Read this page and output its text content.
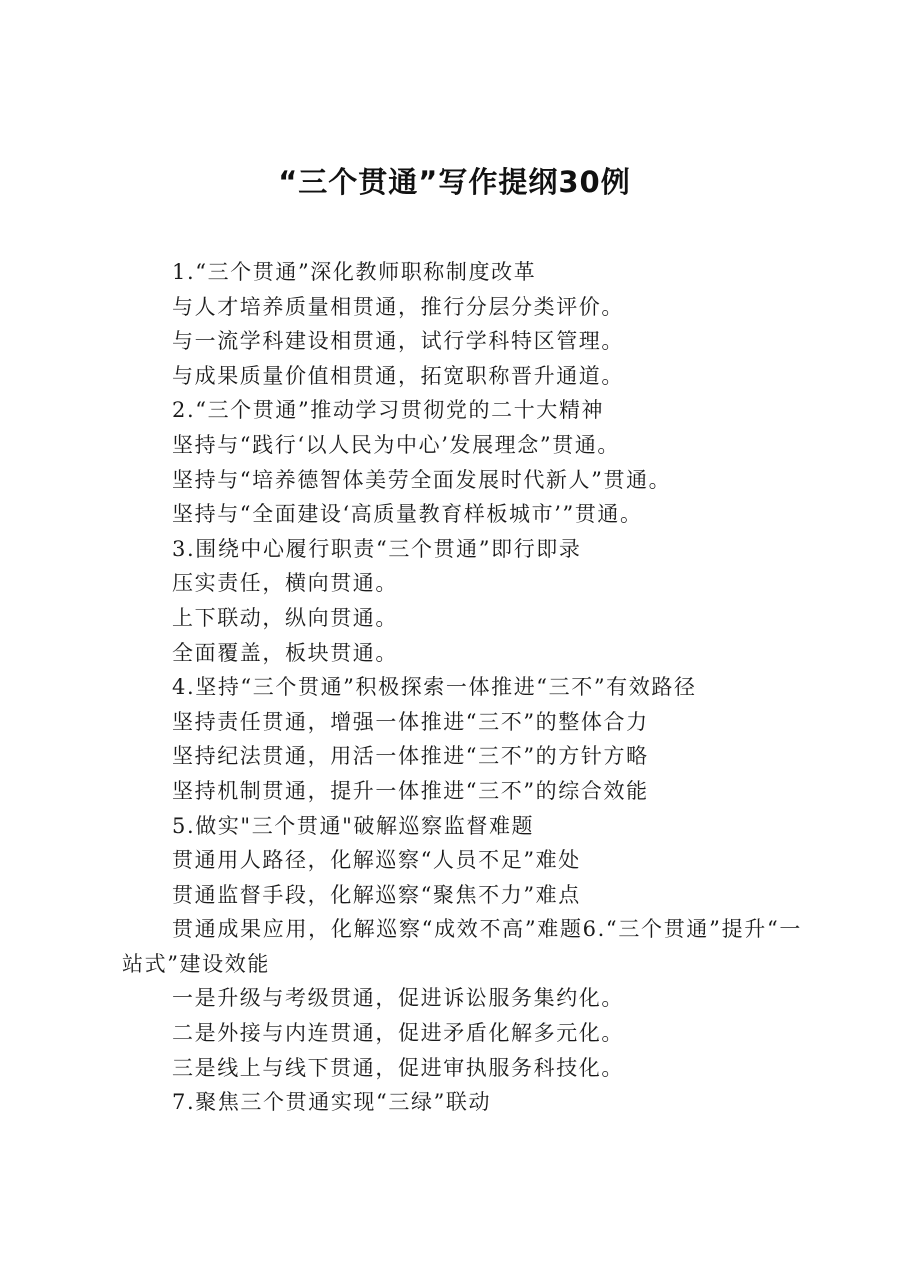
“三个贯通”写作提纲30例

1.“三个贯通”深化教师职称制度改革

与人才培养质量相贯通，推行分层分类评价。

与一流学科建设相贯通，试行学科特区管理。

与成果质量价值相贯通，拓宽职称晋升通道。

2.“三个贯通”推动学习贯彻党的二十大精神

坚持与“践行‘以人民为中心’发展理念”贯通。

坚持与“培养德智体美劳全面发展时代新人”贯通。

坚持与“全面建设‘高质量教育样板城市’”贯通。

3.围绕中心履行职责“三个贯通”即行即录

压实责任，横向贯通。

上下联动，纵向贯通。

全面覆盖，板块贯通。

4.坚持“三个贯通”积极探索一体推进“三不”有效路径

坚持责任贯通，增强一体推进“三不”的整体合力

坚持纪法贯通，用活一体推进“三不”的方针方略

坚持机制贯通，提升一体推进“三不”的综合效能

5.做实"三个贯通"破解巡察监督难题

贯通用人路径，化解巡察“人员不足”难处

贯通监督手段，化解巡察“聚焦不力”难点

贯通成果应用，化解巡察“成效不高”难题6.“三个贯通”提升“一站式”建设效能

一是升级与考级贯通，促进诉讼服务集约化。

二是外接与内连贯通，促进矛盾化解多元化。

三是线上与线下贯通，促进审执服务科技化。

7.聚焦三个贯通实现“三绿”联动
